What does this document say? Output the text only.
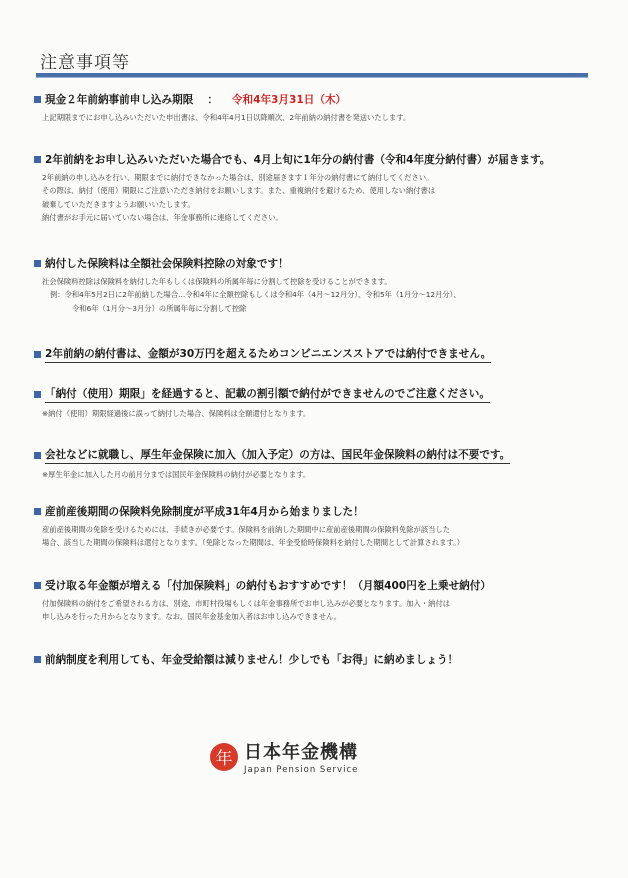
注意事項等
現金２年前納事前申し込み期限 ： 令和4年3月31日（木）
上記期限までにお申し込みいただいた申出書は、令和4年4月1日以降順次、2年前納の納付書を発送いたします。
2年前納をお申し込みいただいた場合でも、4月上旬に1年分の納付書（令和4年度分納付書）が届きます。
2年前納の申し込みを行い、期限までに納付できなかった場合は、別途届きます１年分の納付書にて納付してください。
その際は、納付（使用）期限にご注意いただき納付をお願いします。また、重複納付を避けるため、使用しない納付書は
破棄していただきますようお願いいたします。
納付書がお手元に届いていない場合は、年金事務所に連絡してください。
納付した保険料は全額社会保険料控除の対象です！
社会保険料控除は保険料を納付した年もしくは保険料の所属年毎に分割して控除を受けることができます。
例：令和4年5月2日に2年前納した場合…令和4年に全額控除もしくは令和4年（4月～12月分）、令和5年（1月分～12月分）、
令和6年（1月分～3月分）の所属年毎に分割して控除
2年前納の納付書は、金額が30万円を超えるためコンビニエンスストアでは納付できません。
「納付（使用）期限」を経過すると、記載の割引額で納付ができませんのでご注意ください。
※納付（使用）期限経過後に誤って納付した場合、保険料は全額還付となります。
会社などに就職し、厚生年金保険に加入（加入予定）の方は、国民年金保険料の納付は不要です。
※厚生年金に加入した月の前月分までは国民年金保険料の納付が必要となります。
産前産後期間の保険料免除制度が平成31年4月から始まりました！
産前産後期間の免除を受けるためには、手続きが必要です。保険料を前納した期間中に産前産後期間の保険料免除が該当した
場合、該当した期間の保険料は還付となります。（免除となった期間は、年金受給時保険料を納付した期間として計算されます。）
受け取る年金額が増える「付加保険料」の納付もおすすめです！（月額400円を上乗せ納付）
付加保険料の納付をご希望される方は、別途、市町村役場もしくは年金事務所でお申し込みが必要となります。加入・納付は
申し込みを行った月からとなります。なお、国民年金基金加入者はお申し込みできません。
前納制度を利用しても、年金受給額は減りません！少しでも「お得」に納めましょう！
年 日本年金機構
Japan Pension Service
